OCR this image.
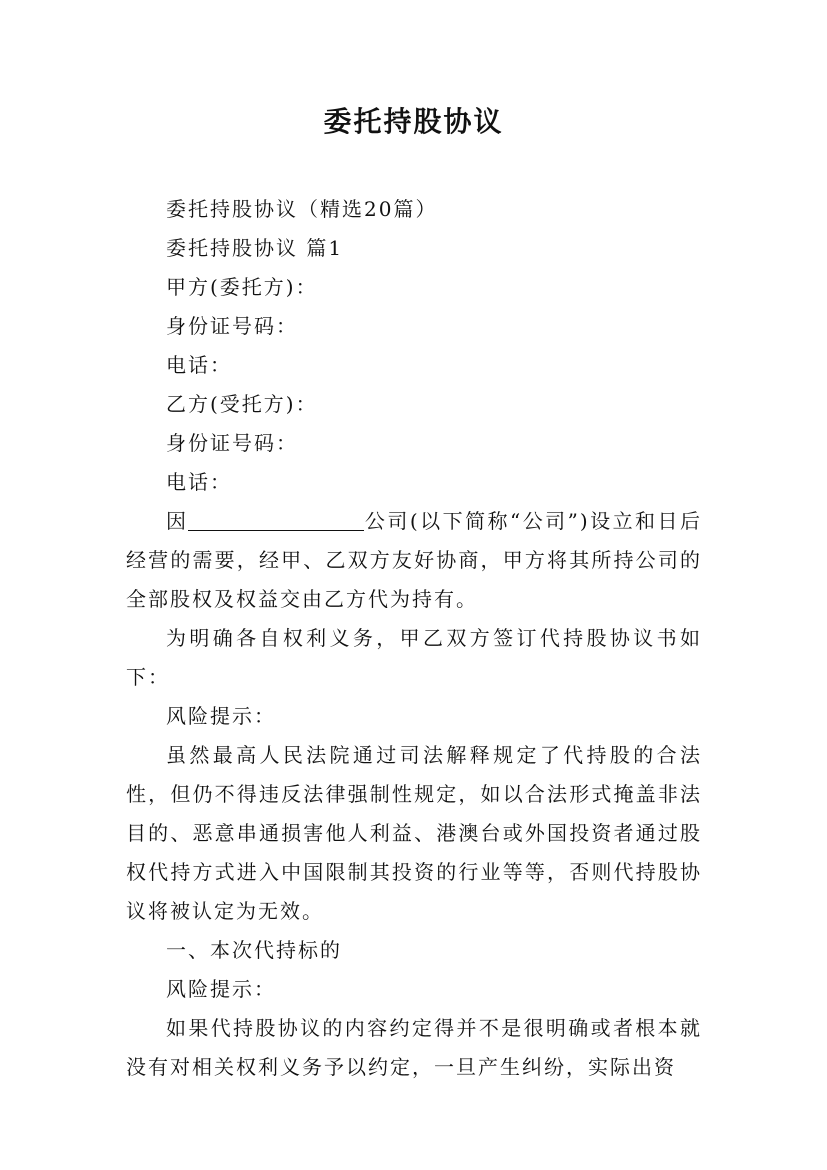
委托持股协议

委托持股协议（精选20篇）

委托持股协议 篇1

甲方(委托方)：

身份证号码：

电话：

乙方(受托方)：

身份证号码：

电话：

因	公司(以下简称“公司”)设立和日后经营的需要，经甲、乙双方友好协商，甲方将其所持公司的全部股权及权益交由乙方代为持有。

为明确各自权利义务，甲乙双方签订代持股协议书如下：

风险提示：

虽然最高人民法院通过司法解释规定了代持股的合法性，但仍不得违反法律强制性规定，如以合法形式掩盖非法目的、恶意串通损害他人利益、港澳台或外国投资者通过股权代持方式进入中国限制其投资的行业等等，否则代持股协议将被认定为无效。

一、本次代持标的

风险提示：

如果代持股协议的内容约定得并不是很明确或者根本就没有对相关权利义务予以约定，一旦产生纠纷，实际出资
